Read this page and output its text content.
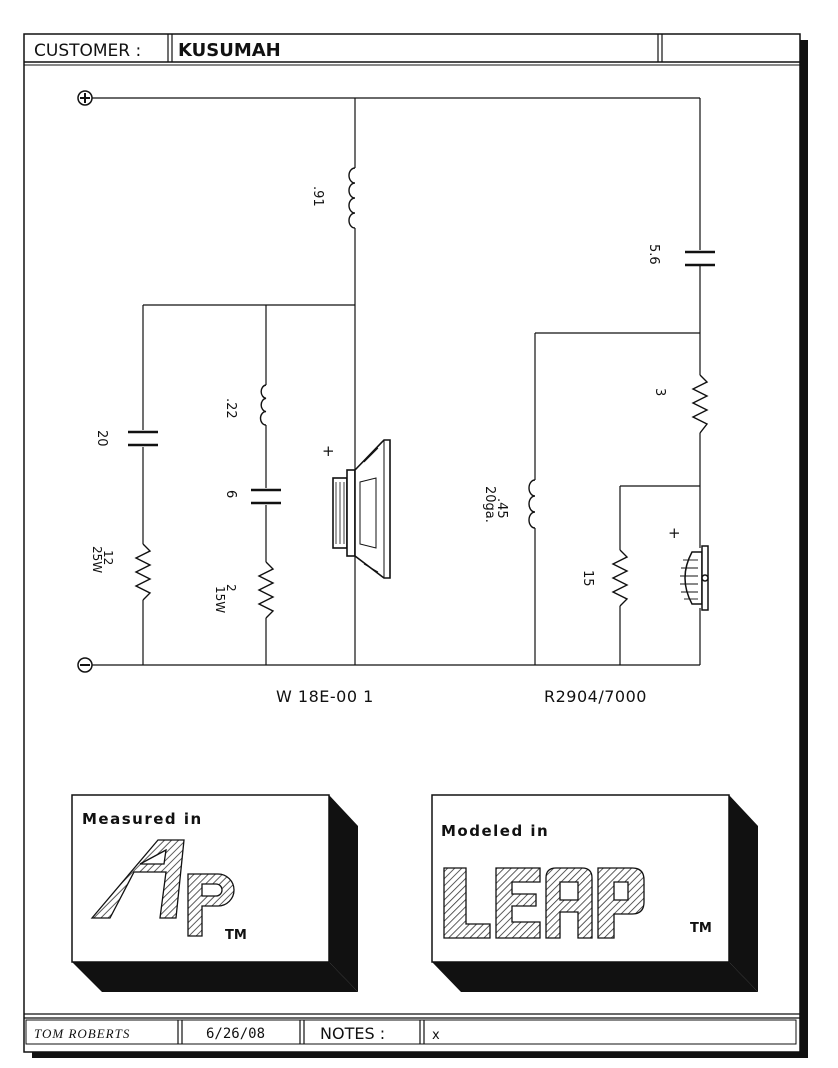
CUSTOMER : KUSUMAH
TOM ROBERTS	6/26/08	NOTES :	x
.91
20
12
25W
.22
6
2
15W
+
W 18E-00 1
5.6
3
.45
20ga.
15
+
R2904/7000
Measured in
TM
Modeled in
TM
